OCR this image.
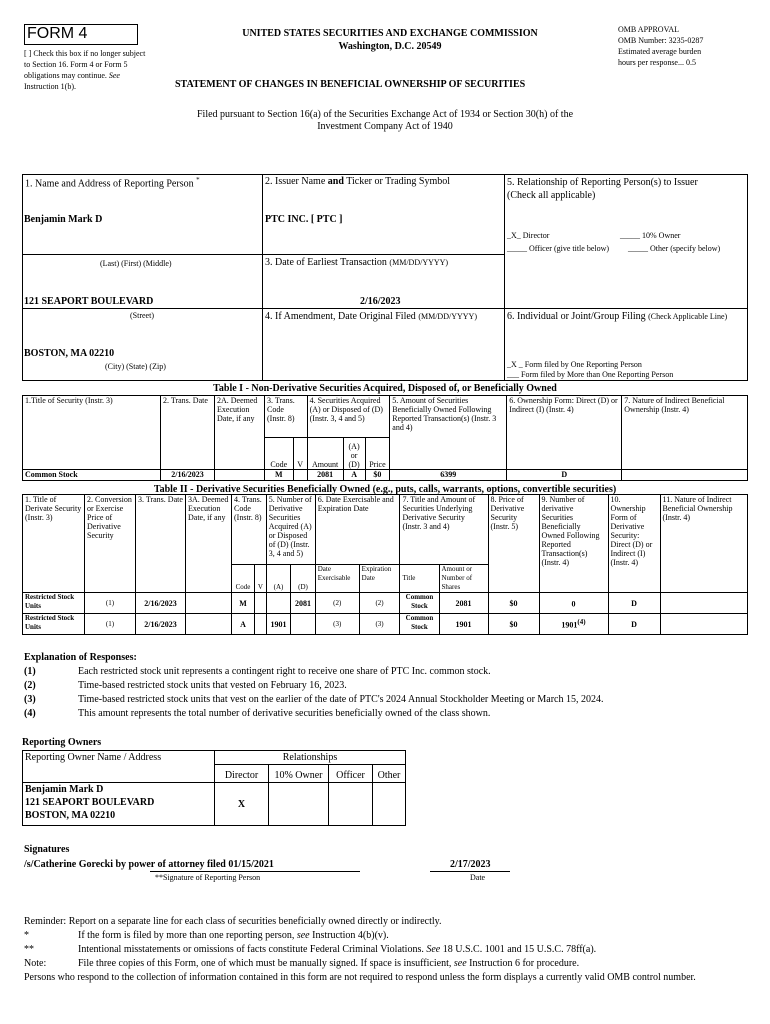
FORM 4
[ ] Check this box if no longer subject to Section 16. Form 4 or Form 5 obligations may continue. See Instruction 1(b).
UNITED STATES SECURITIES AND EXCHANGE COMMISSION
Washington, D.C. 20549
STATEMENT OF CHANGES IN BENEFICIAL OWNERSHIP OF SECURITIES
OMB APPROVAL
OMB Number: 3235-0287
Estimated average burden
hours per response... 0.5
Filed pursuant to Section 16(a) of the Securities Exchange Act of 1934 or Section 30(h) of the
Investment Company Act of 1940
1. Name and Address of Reporting Person *
Benjamin Mark D
(Last) (First) (Middle)
121 SEAPORT BOULEVARD
(Street)
BOSTON, MA 02210
(City) (State) (Zip)
2. Issuer Name and Ticker or Trading Symbol
PTC INC. [ PTC ]
3. Date of Earliest Transaction (MM/DD/YYYY)
2/16/2023
4. If Amendment, Date Original Filed (MM/DD/YYYY)
5. Relationship of Reporting Person(s) to Issuer
(Check all applicable)
_X_ Director	_____ 10% Owner
_____ Officer (give title below) _____ Other (specify below)
6. Individual or Joint/Group Filing (Check Applicable Line)
_X _ Form filed by One Reporting Person
___ Form filed by More than One Reporting Person
Table I - Non-Derivative Securities Acquired, Disposed of, or Beneficially Owned
1.Title of Security (Instr. 3)	2. Trans. Date	2A. Deemed Execution Date, if any	3. Trans. Code (Instr. 8)		4. Securities Acquired (A) or Disposed of (D) (Instr. 3, 4 and 5)			5. Amount of Securities Beneficially Owned Following Reported Transaction(s) (Instr. 3 and 4)	6. Ownership Form: Direct (D) or Indirect (I) (Instr. 4)	7. Nature of Indirect Beneficial Ownership (Instr. 4)
			Code	V	Amount	(A) or (D)	Price			
Common Stock	2/16/2023		M		2081	A	$0	6399	D	
Table II - Derivative Securities Beneficially Owned (e.g., puts, calls, warrants, options, convertible securities)
1. Title of Derivate Security (Instr. 3)	2. Conversion or Exercise Price of Derivative Security	3. Trans. Date	3A. Deemed Execution Date, if any	4. Trans. Code (Instr. 8)		5. Number of Derivative Securities Acquired (A) or Disposed of (D) (Instr. 3, 4 and 5)		6. Date Exercisable and Expiration Date		7. Title and Amount of Securities Underlying Derivative Security (Instr. 3 and 4)		8. Price of Derivative Security (Instr. 5)	9. Number of derivative Securities Beneficially Owned Following Reported Transaction(s) (Instr. 4)	10. Ownership Form of Derivative Security: Direct (D) or Indirect (I) (Instr. 4)	11. Nature of Indirect Beneficial Ownership (Instr. 4)
				Code	V	(A)	(D)	Date Exercisable	Expiration Date	Title	Amount or Number of Shares				
Restricted Stock Units	(1)	2/16/2023		M			2081	(2)	(2)	Common Stock	2081	$0	0	D	
Restricted Stock Units	(1)	2/16/2023		A		1901		(3)	(3)	Common Stock	1901	$0	1901$^{(4)}$	D	
Explanation of Responses:
(1)	Each restricted stock unit represents a contingent right to receive one share of PTC Inc. common stock.
(2)	Time-based restricted stock units that vested on February 16, 2023.
(3)	Time-based restricted stock units that vest on the earlier of the date of PTC's 2024 Annual Stockholder Meeting or March 15, 2024.
(4)	This amount represents the total number of derivative securities beneficially owned of the class shown.
Reporting Owners
Reporting Owner Name / Address	Relationships			
	Director	10% Owner	Officer	Other

Benjamin Mark D
121 SEAPORT BOULEVARD
BOSTON, MA 02210	X			
Signatures
/s/Catherine Gorecki by power of attorney filed 01/15/2021	2/17/2023
**Signature of Reporting Person	Date
Reminder: Report on a separate line for each class of securities beneficially owned directly or indirectly.
*	If the form is filed by more than one reporting person, see Instruction 4(b)(v).
**	Intentional misstatements or omissions of facts constitute Federal Criminal Violations. See 18 U.S.C. 1001 and 15 U.S.C. 78ff(a).
Note:	File three copies of this Form, one of which must be manually signed. If space is insufficient, see Instruction 6 for procedure.
Persons who respond to the collection of information contained in this form are not required to respond unless the form displays a currently valid OMB control number.
